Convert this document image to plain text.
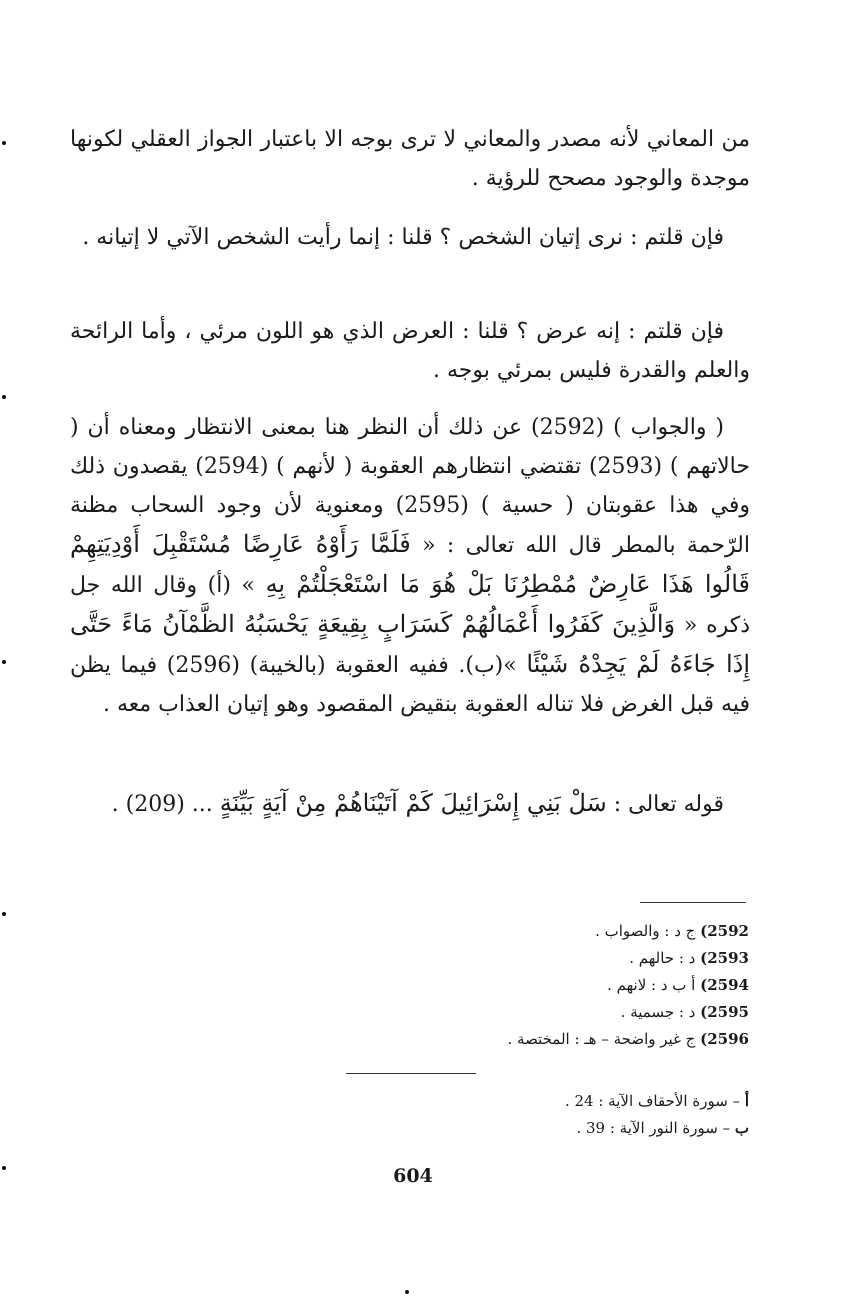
من المعاني لأنه مصدر والمعاني لا ترى بوجه الا باعتبار الجواز العقلي لكونها موجدة والوجود مصحح للرؤية .

فإن قلتم : نرى إتيان الشخص ؟ قلنا : إنما رأيت الشخص الآتي لا إتيانه .

فإن قلتم : إنه عرض ؟ قلنا : العرض الذي هو اللون مرئي ، وأما الرائحة والعلم والقدرة فليس بمرئي بوجه .

( والجواب ) (2592) عن ذلك أن النظر هنا بمعنى الانتظار ومعناه أن ( حالاتهم ) (2593) تقتضي انتظارهم العقوبة ( لأنهم ) (2594) يقصدون ذلك وفي هذا عقوبتان ( حسية ) (2595) ومعنوية لأن وجود السحاب مظنة الرّحمة بالمطر قال الله تعالى : « فَلَمَّا رَأَوْهُ عَارِضًا مُسْتَقْبِلَ أَوْدِيَتِهِمْ قَالُوا هَذَا عَارِضٌ مُمْطِرُنَا بَلْ هُوَ مَا اسْتَعْجَلْتُمْ بِهِ » (أ) وقال الله جل ذكره « وَالَّذِينَ كَفَرُوا أَعْمَالُهُمْ كَسَرَابٍ بِقِيعَةٍ يَحْسَبُهُ الظَّمْآنُ مَاءً حَتَّى إِذَا جَاءَهُ لَمْ يَجِدْهُ شَيْئًا »(ب). ففيه العقوبة (بالخيبة) (2596) فيما يظن فيه قبل الغرض فلا تناله العقوبة بنقيض المقصود وهو إتيان العذاب معه .

قوله تعالى : سَلْ بَنِي إِسْرَائِيلَ كَمْ آتَيْنَاهُمْ مِنْ آيَةٍ بَيِّنَةٍ ... (209) .

2592) ج د : والصواب .
2593) د : حالهم .
2594) أ ب د : لانهم .
2595) د : جسمية .
2596) ج غير واضحة – هـ : المختصة .
أ – سورة الأحقاف الآية : 24 .
ب – سورة النور الآية : 39 .
604
